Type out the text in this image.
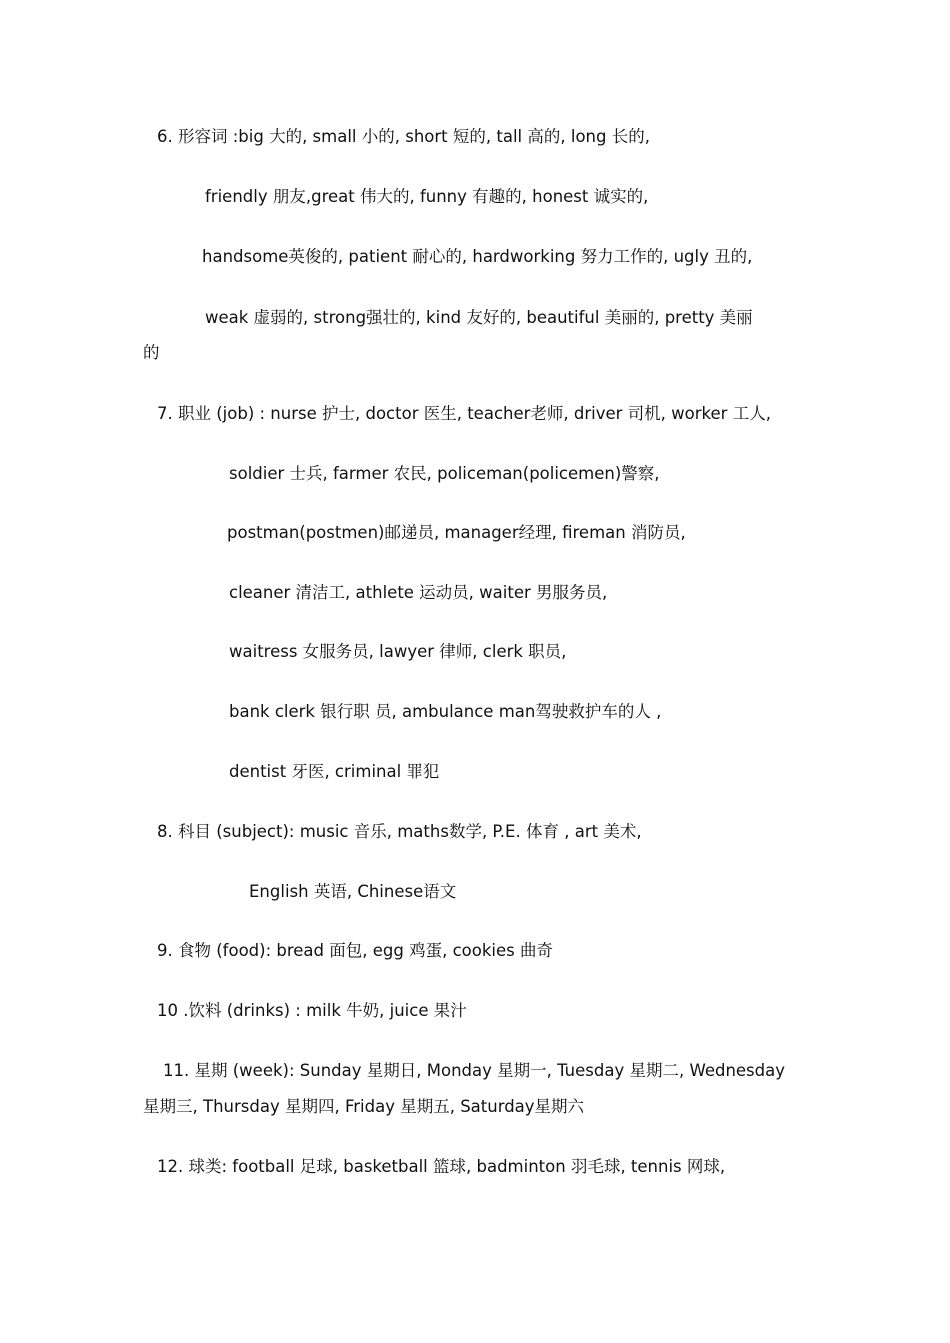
6. 形容词 :big 大的, small 小的, short 短的, tall 高的, long 长的,
friendly 朋友,great 伟大的, funny 有趣的, honest 诚实的,
handsome英俊的, patient 耐心的, hardworking 努力工作的, ugly 丑的,
weak 虚弱的, strong强壮的, kind 友好的, beautiful 美丽的, pretty 美丽
的
7. 职业 (job) : nurse 护士, doctor 医生, teacher老师, driver 司机, worker 工人,
soldier 士兵, farmer 农民, policeman(policemen)警察,
postman(postmen)邮递员, manager经理, fireman 消防员,
cleaner 清洁工, athlete 运动员, waiter 男服务员,
waitress 女服务员, lawyer 律师, clerk 职员,
bank clerk 银行职 员, ambulance man驾驶救护车的人 ,
dentist 牙医, criminal 罪犯
8. 科目 (subject): music 音乐, maths数学, P.E. 体育 , art 美术,
English 英语, Chinese语文
9. 食物 (food): bread 面包, egg 鸡蛋, cookies 曲奇
10 .饮料 (drinks) : milk 牛奶, juice 果汁
11. 星期 (week): Sunday 星期日, Monday 星期一, Tuesday 星期二, Wednesday
星期三, Thursday 星期四, Friday 星期五, Saturday星期六
12. 球类: football 足球, basketball 篮球, badminton 羽毛球, tennis 网球,
